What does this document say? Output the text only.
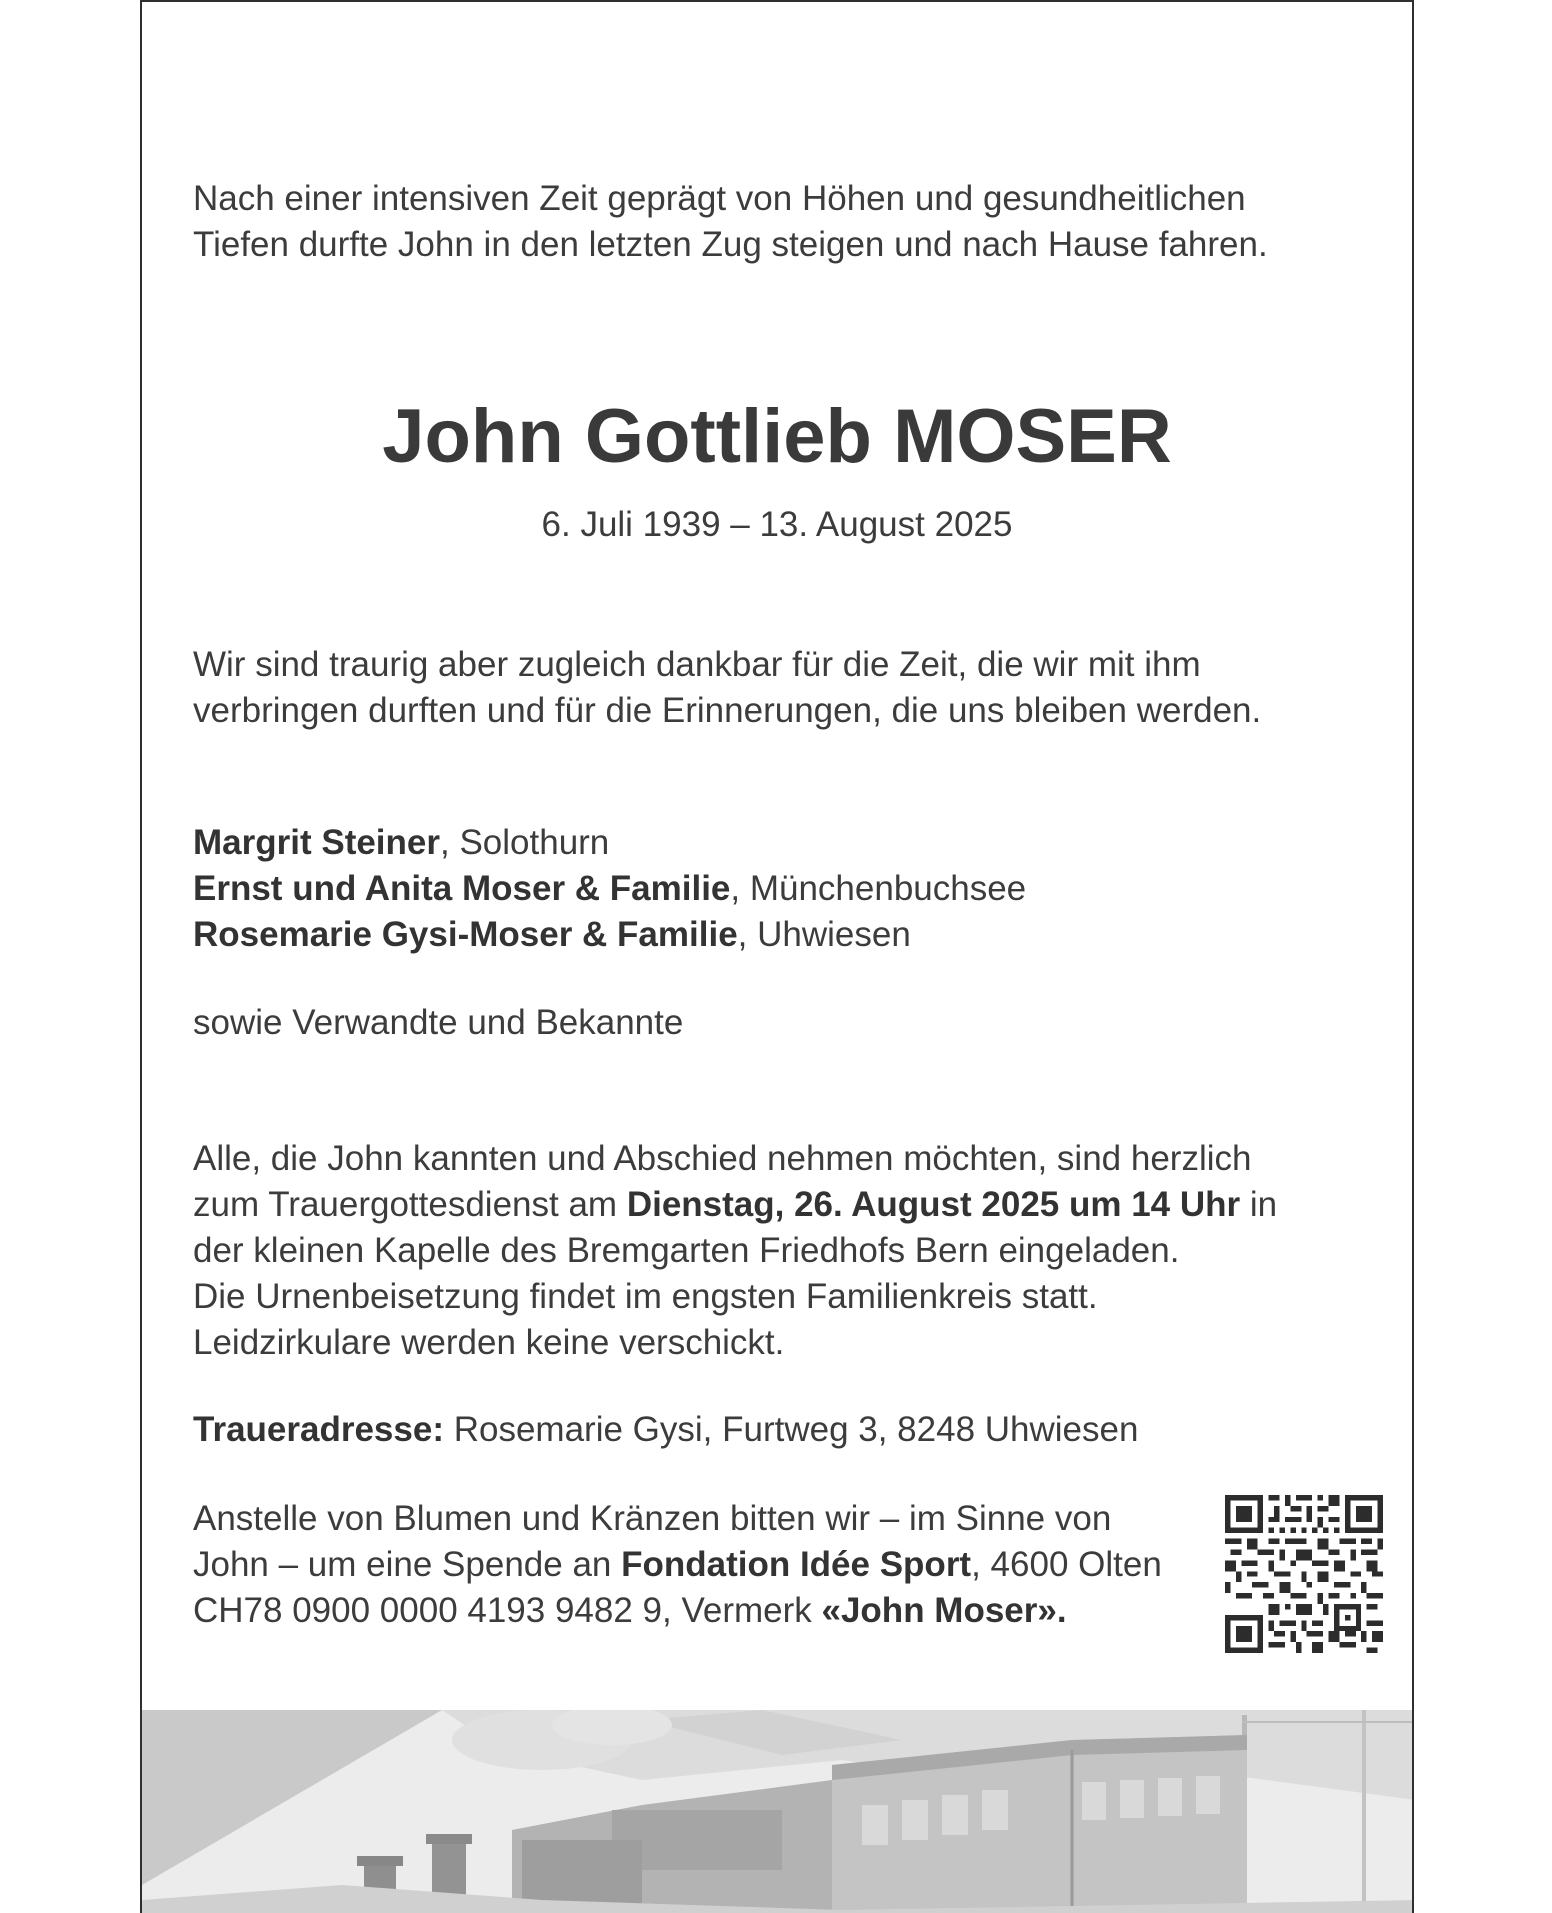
Nach einer intensiven Zeit geprägt von Höhen und gesundheitlichen
Tiefen durfte John in den letzten Zug steigen und nach Hause fahren.
John Gottlieb MOSER
6. Juli 1939 – 13. August 2025
Wir sind traurig aber zugleich dankbar für die Zeit, die wir mit ihm
verbringen durften und für die Erinnerungen, die uns bleiben werden.
Margrit Steiner, Solothurn
Ernst und Anita Moser & Familie, Münchenbuchsee
Rosemarie Gysi-Moser & Familie, Uhwiesen
sowie Verwandte und Bekannte
Alle, die John kannten und Abschied nehmen möchten, sind herzlich
zum Trauergottesdienst am Dienstag, 26. August 2025 um 14 Uhr in
der kleinen Kapelle des Bremgarten Friedhofs Bern eingeladen.
Die Urnenbeisetzung findet im engsten Familienkreis statt.
Leidzirkulare werden keine verschickt.
Traueradresse: Rosemarie Gysi, Furtweg 3, 8248 Uhwiesen
Anstelle von Blumen und Kränzen bitten wir – im Sinne von
John – um eine Spende an Fondation Idée Sport, 4600 Olten
CH78 0900 0000 4193 9482 9, Vermerk «John Moser».
